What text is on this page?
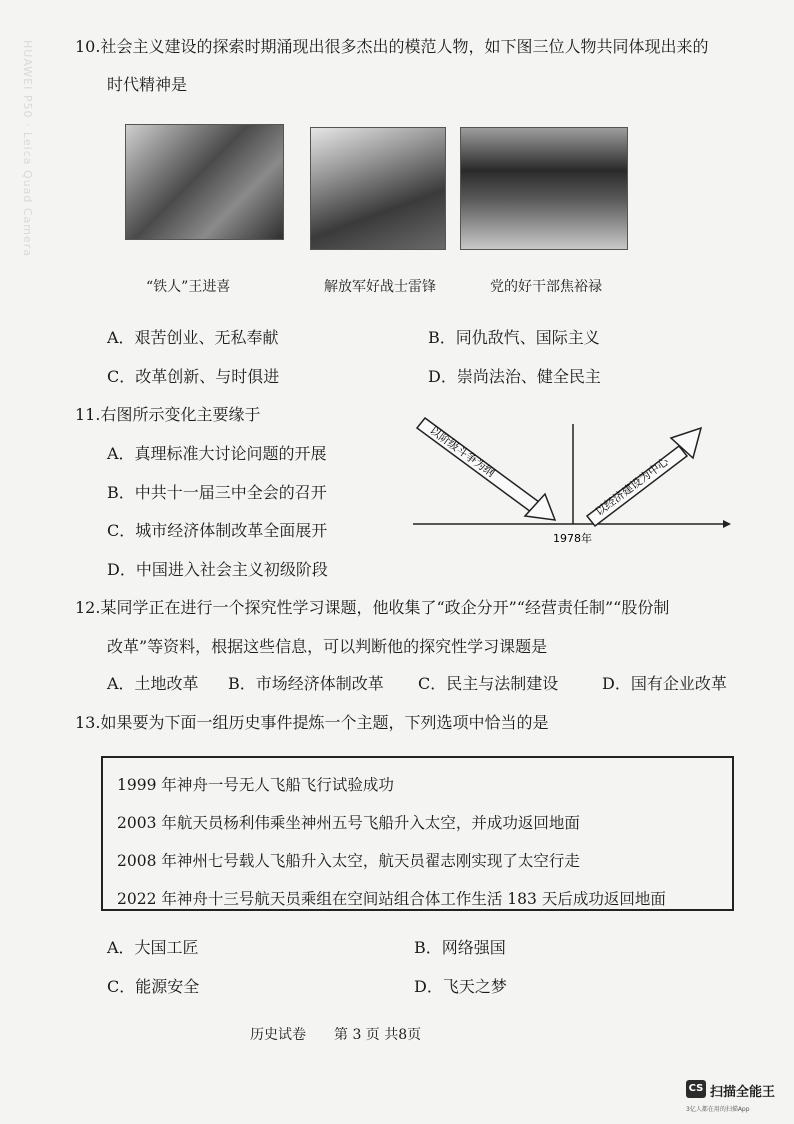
HUAWEI P50 · Leica Quad Camera	10.社会主义建设的探索时期涌现出很多杰出的模范人物，如下图三位人物共同体现出来的
时代精神是
“铁人”王进喜	解放军好战士雷锋	党的好干部焦裕禄
A．艰苦创业、无私奉献	B．同仇敌忾、国际主义
C．改革创新、与时俱进	D．崇尚法治、健全民主
11.右图所示变化主要缘于
A．真理标准大讨论问题的开展
B．中共十一届三中全会的召开
C．城市经济体制改革全面展开
D．中国进入社会主义初级阶段
以阶级斗争为纲
以经济建设为中心
1978年
12.某同学正在进行一个探究性学习课题，他收集了“政企分开”“经营责任制”“股份制
改革”等资料，根据这些信息，可以判断他的探究性学习课题是
A．土地改革 B．市场经济体制改革 C．民主与法制建设	D．国有企业改革
13.如果要为下面一组历史事件提炼一个主题，下列选项中恰当的是
1999 年神舟一号无人飞船飞行试验成功
2003 年航天员杨利伟乘坐神州五号飞船升入太空，并成功返回地面
2008 年神州七号载人飞船升入太空，航天员翟志刚实现了太空行走
2022 年神舟十三号航天员乘组在空间站组合体工作生活 183 天后成功返回地面
A．大国工匠	B．网络强国
C．能源安全	D．飞天之梦
历史试卷　　第 3 页 共8页
CS 扫描全能王
3亿人都在用的扫描App
